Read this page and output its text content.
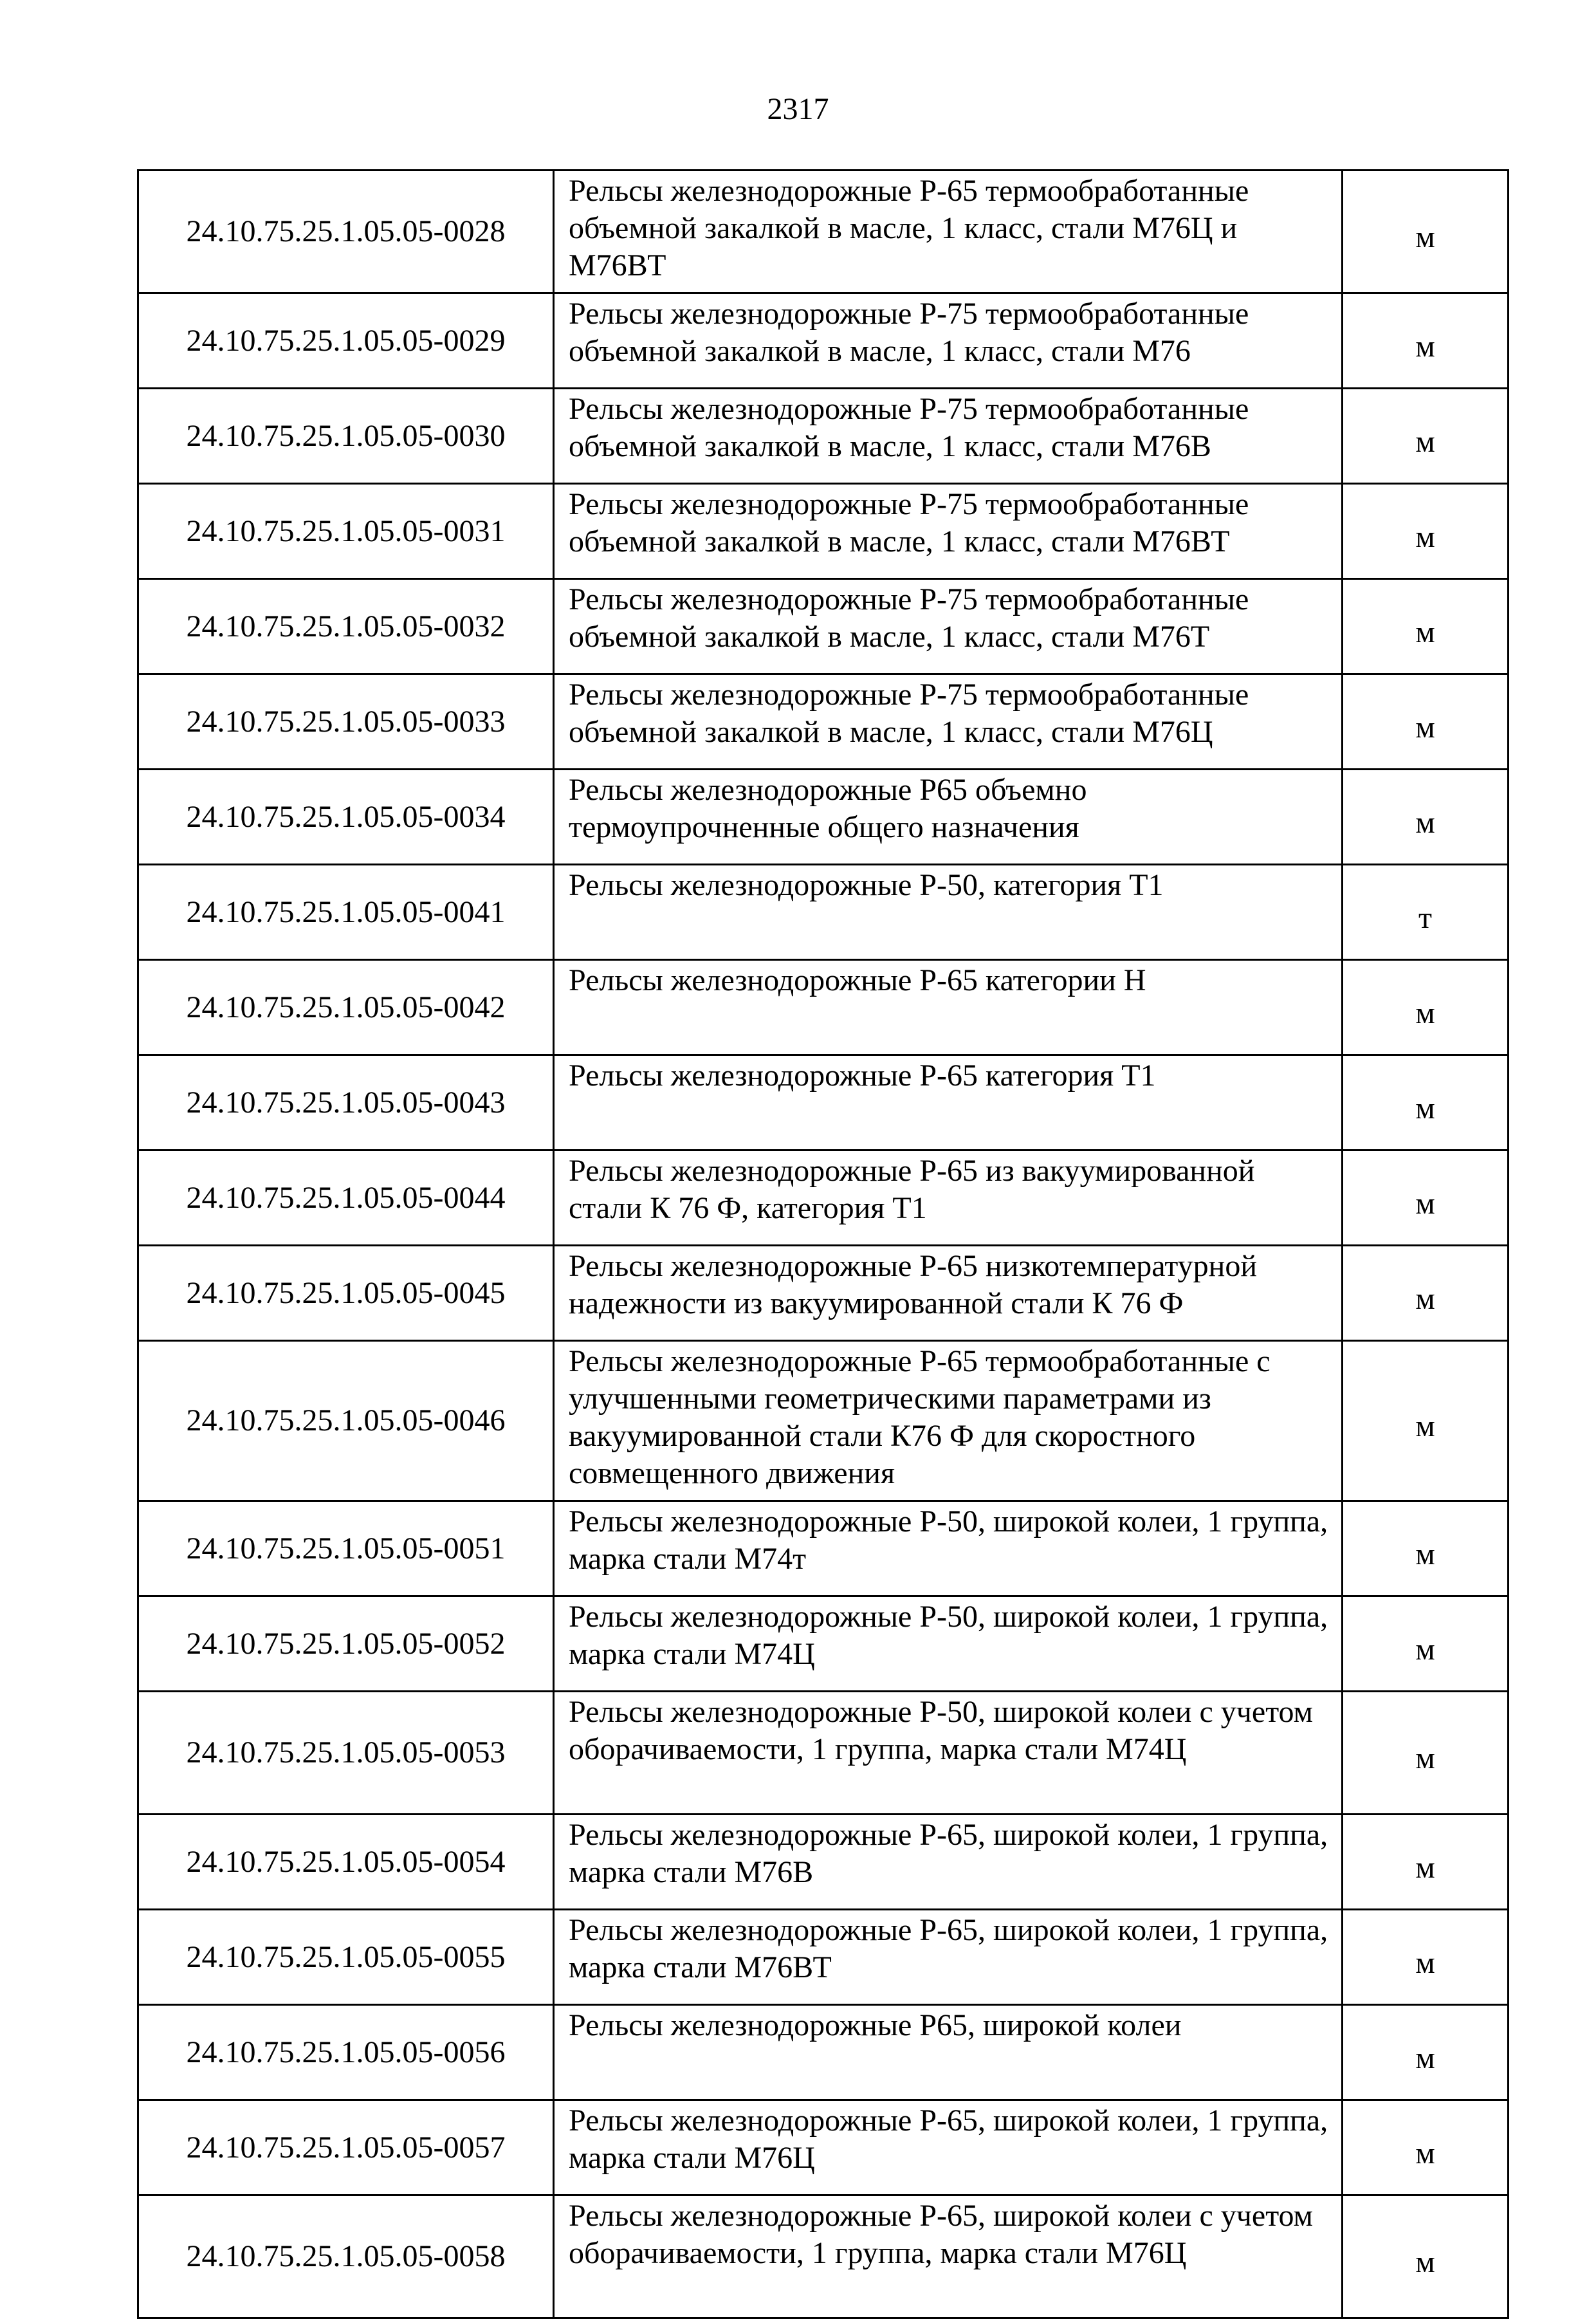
2317
24.10.75.25.1.05.05-0028	Рельсы железнодорожные Р-65 термообработанные объемной закалкой в масле, 1 класс, стали М76Ц и М76ВТ	м
24.10.75.25.1.05.05-0029	Рельсы железнодорожные Р-75 термообработанные объемной закалкой в масле, 1 класс, стали М76	м
24.10.75.25.1.05.05-0030	Рельсы железнодорожные Р-75 термообработанные объемной закалкой в масле, 1 класс, стали М76В	м
24.10.75.25.1.05.05-0031	Рельсы железнодорожные Р-75 термообработанные объемной закалкой в масле, 1 класс, стали М76ВТ	м
24.10.75.25.1.05.05-0032	Рельсы железнодорожные Р-75 термообработанные объемной закалкой в масле, 1 класс, стали М76Т	м
24.10.75.25.1.05.05-0033	Рельсы железнодорожные Р-75 термообработанные объемной закалкой в масле, 1 класс, стали М76Ц	м
24.10.75.25.1.05.05-0034	Рельсы железнодорожные Р65 объемно термоупрочненные общего назначения	м
24.10.75.25.1.05.05-0041	Рельсы железнодорожные Р-50, категория Т1	т
24.10.75.25.1.05.05-0042	Рельсы железнодорожные Р-65 категории Н	м
24.10.75.25.1.05.05-0043	Рельсы железнодорожные Р-65 категория Т1	м
24.10.75.25.1.05.05-0044	Рельсы железнодорожные Р-65 из вакуумированной стали К 76 Ф, категория Т1	м
24.10.75.25.1.05.05-0045	Рельсы железнодорожные Р-65 низкотемпературной надежности из вакуумированной стали К 76 Ф	м
24.10.75.25.1.05.05-0046	Рельсы железнодорожные Р-65 термообработанные с улучшенными геометрическими параметрами из вакуумированной стали К76 Ф для скоростного совмещенного движения	м
24.10.75.25.1.05.05-0051	Рельсы железнодорожные Р-50, широкой колеи, 1 группа, марка стали М74т	м
24.10.75.25.1.05.05-0052	Рельсы железнодорожные Р-50, широкой колеи, 1 группа, марка стали М74Ц	м
24.10.75.25.1.05.05-0053	Рельсы железнодорожные Р-50, широкой колеи с учетом оборачиваемости, 1 группа, марка стали М74Ц	м
24.10.75.25.1.05.05-0054	Рельсы железнодорожные Р-65, широкой колеи, 1 группа, марка стали М76В	м
24.10.75.25.1.05.05-0055	Рельсы железнодорожные Р-65, широкой колеи, 1 группа, марка стали М76ВТ	м
24.10.75.25.1.05.05-0056	Рельсы железнодорожные Р65, широкой колеи	м
24.10.75.25.1.05.05-0057	Рельсы железнодорожные Р-65, широкой колеи, 1 группа, марка стали М76Ц	м
24.10.75.25.1.05.05-0058	Рельсы железнодорожные Р-65, широкой колеи с учетом оборачиваемости, 1 группа, марка стали М76Ц	м
